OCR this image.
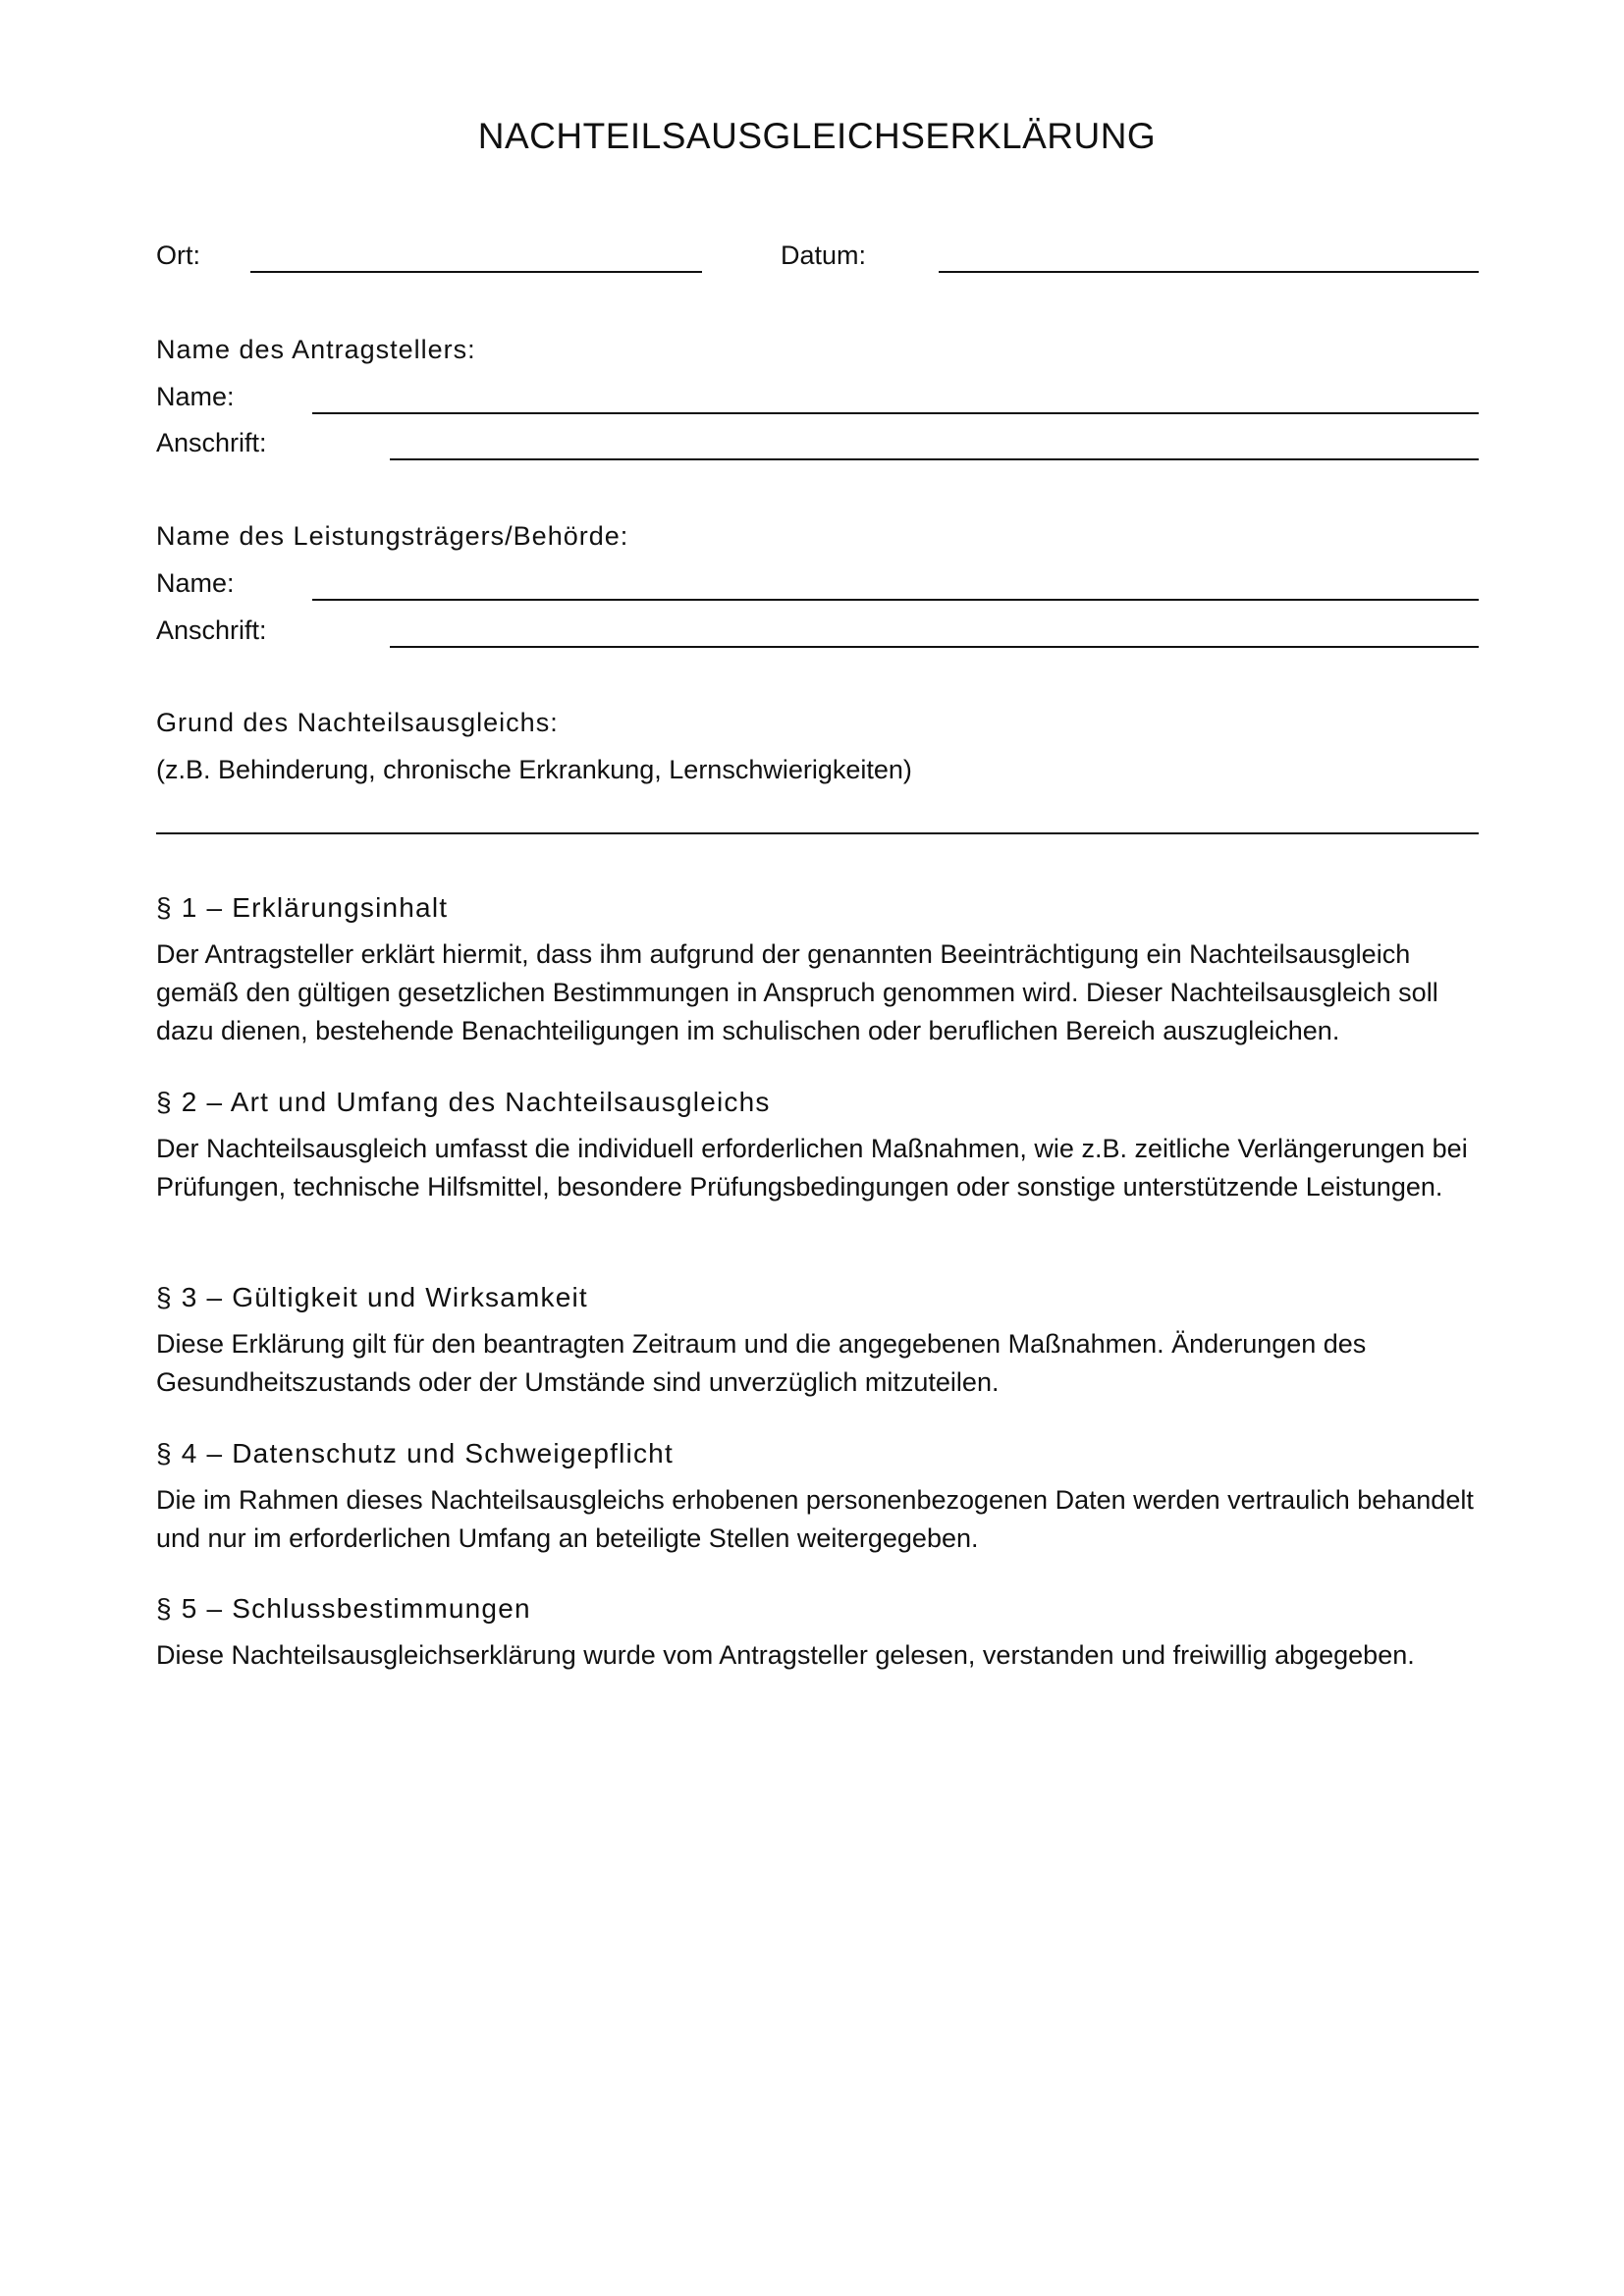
NACHTEILSAUSGLEICHSERKLÄRUNG
Ort:	Datum:
Name des Antragstellers:
Name:
Anschrift:
Name des Leistungsträgers/Behörde:
Name:
Anschrift:
Grund des Nachteilsausgleichs:
(z.B. Behinderung, chronische Erkrankung, Lernschwierigkeiten)
§ 1 – Erklärungsinhalt
Der Antragsteller erklärt hiermit, dass ihm aufgrund der genannten Beeinträchtigung ein Nachteilsausgleich gemäß den gültigen gesetzlichen Bestimmungen in Anspruch genommen wird. Dieser Nachteilsausgleich soll dazu dienen, bestehende Benachteiligungen im schulischen oder beruflichen Bereich auszugleichen.
§ 2 – Art und Umfang des Nachteilsausgleichs
Der Nachteilsausgleich umfasst die individuell erforderlichen Maßnahmen, wie z.B. zeitliche Verlängerungen bei Prüfungen, technische Hilfsmittel, besondere Prüfungsbedingungen oder sonstige unterstützende Leistungen.
§ 3 – Gültigkeit und Wirksamkeit
Diese Erklärung gilt für den beantragten Zeitraum und die angegebenen Maßnahmen. Änderungen des Gesundheitszustands oder der Umstände sind unverzüglich mitzuteilen.
§ 4 – Datenschutz und Schweigepflicht
Die im Rahmen dieses Nachteilsausgleichs erhobenen personenbezogenen Daten werden vertraulich behandelt und nur im erforderlichen Umfang an beteiligte Stellen weitergegeben.
§ 5 – Schlussbestimmungen
Diese Nachteilsausgleichserklärung wurde vom Antragsteller gelesen, verstanden und freiwillig abgegeben.
